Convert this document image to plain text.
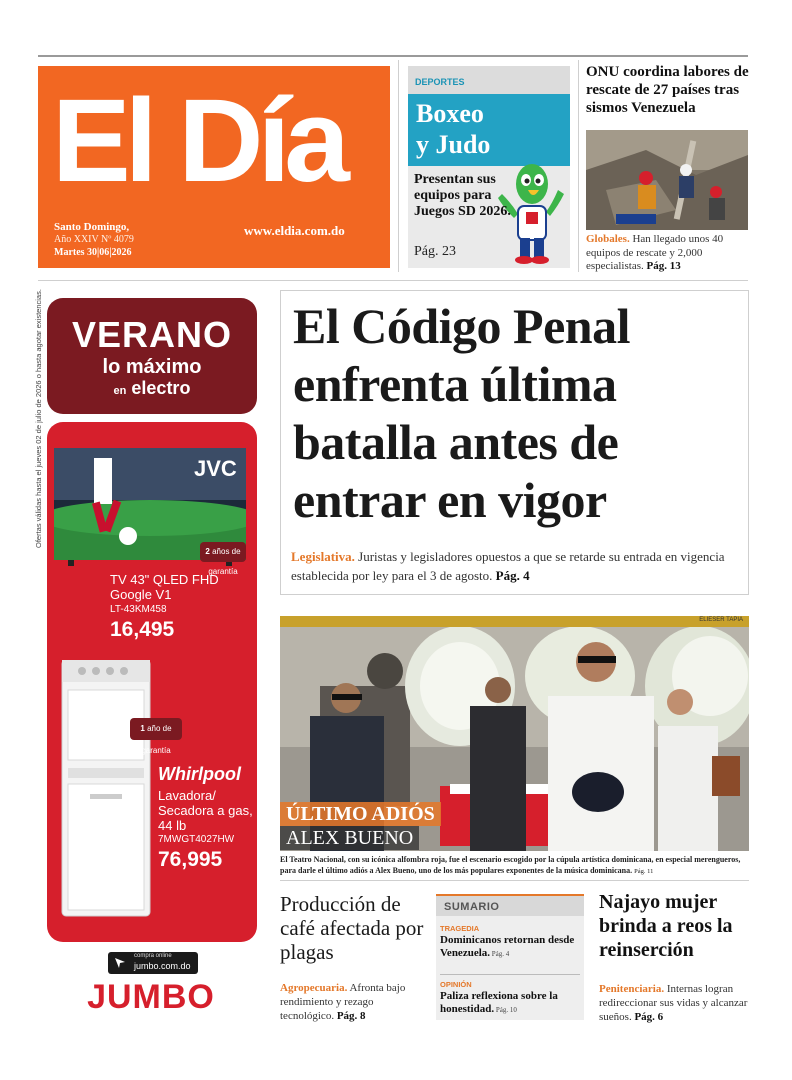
El Día
Santo Domingo,
Año XXIV Nº 4079
Martes 30|06|2026
www.eldia.com.do
DEPORTES
Boxeo
y Judo
Presentan sus equipos para Juegos SD 2026.
Pág. 23
ONU coordina labores de rescate de 27 países tras sismos Venezuela
Globales. Han llegado unos 40 equipos de rescate y 2,000 especialistas. Pág. 13
VERANO
lo máximo
en electro
JVC
2 años de garantía
TV 43" QLED FHD Google V1
LT-43KM458
16,495
1 año de garantía
Whirlpool
Lavadora/ Secadora a gas, 44 lb
7MWGT4027HW
76,995
compra online
jumbo.com.do
JUMBO
Ofertas válidas hasta el jueves 02 de julio de 2026 o hasta agotar existencias.	El Código Penal enfrenta última batalla antes de entrar en vigor
Legislativa. Juristas y legisladores opuestos a que se retarde su entrada en vigencia establecida por ley para el 3 de agosto. Pág. 4
ELIESER TAPIA
ÚLTIMO ADIÓS
ALEX BUENO
El Teatro Nacional, con su icónica alfombra roja, fue el escenario escogido por la cúpula artística dominicana, en especial merengueros, para darle el último adiós a Alex Bueno, uno de los más populares exponentes de la música dominicana. Pág. 11
Producción de café afectada por plagas
Agropecuaria. Afronta bajo rendimiento y rezago tecnológico. Pág. 8
SUMARIO
TRAGEDIA
Dominicanos retornan desde Venezuela. Pág. 4
OPINIÓN
Paliza reflexiona sobre la honestidad. Pág. 10
Najayo mujer brinda a reos la reinserción
Penitenciaria. Internas logran redireccionar sus vidas y alcanzar sueños. Pág. 6
